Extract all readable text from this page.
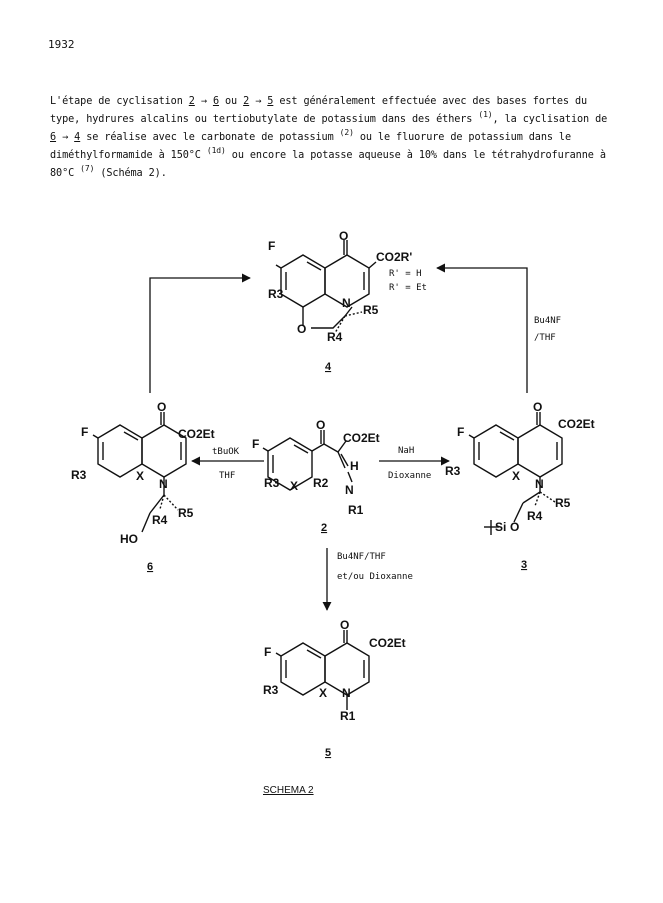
1932
L'étape de cyclisation 2 → 6 ou 2 → 5 est généralement effectuée avec des bases fortes du type, hydrures alcalins ou tertiobutylate de potassium dans des éthers $^{(1)}$, la cyclisation de 6 → 4 se réalise avec le carbonate de potassium $^{(2)}$ ou le fluorure de potassium dans le diméthylformamide à 150°C $^{(1d)}$ ou encore la potasse aqueuse à 10% dans le tétrahydrofuranne à 80°C $^{(7)}$ (Schéma 2).
O
F
CO2R'
R3
N
O
R5
R4
R' = H
R' = Et
4
Bu4NF
/THF
O
F	CO2Et
R3	X
N
R5
R4
HO
6
tBuOK
THF
O
F	CO2Et
R3 X R2
H
N
R1
2
NaH
Dioxanne
O
F
CO2Et
R3	X
N
R5
R4
Si O
3
Bu4NF/THF
et/ou Dioxanne
O
F
CO2Et
R3	X N
R1
5
SCHEMA 2
